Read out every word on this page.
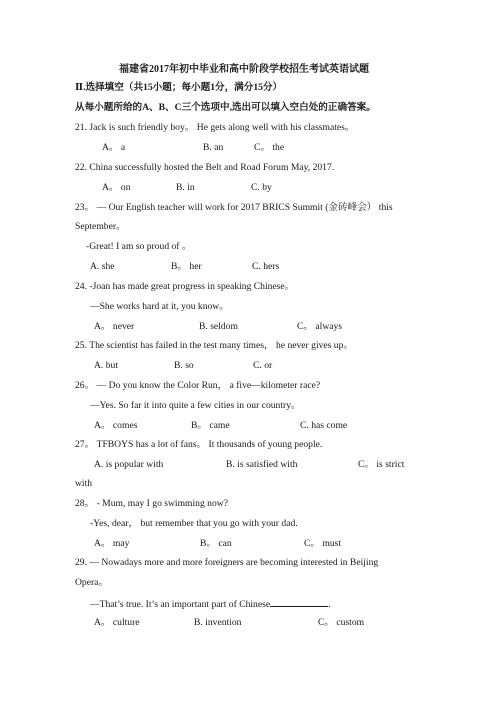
福建省2017年初中毕业和高中阶段学校招生考试英语试题
Ⅱ.选择填空（共15小题；每小题1分，满分15分）
从每小题所给的A、B、C三个选项中,选出可以填入空白处的正确答案。
21. Jack is such friendly boy。 He gets along well with his classmates。
A。 a	B. an	C。 the
22. China successfully hosted the Belt and Road Forum May, 2017.
A。 on	B. in	C. by
23。 — Our English teacher will work for 2017 BRICS Summit (金砖峰会） this
September。
-Great! I am so proud of 。
A. she	B。 her	C. hers
24. -Joan has made great progress in speaking Chinese。
—She works hard at it, you know。
A。 never	B. seldom	C。 always
25. The scientist has failed in the test many times， he never gives up。
A. but	B. so	C. or
26。 — Do you know the Color Run， a five—kilometer race?
—Yes. So far it into quite a few cities in our country。
A。 comes	B。 came	C. has come
27。 TFBOYS has a lot of fans。 It thousands of young people.
A. is popular with	B. is satisfied with	C。 is strict
with
28。 - Mum, may I go swimming now?
-Yes, dear， but remember that you go with your dad.
A。 may	B。 can	C。 must
29. — Nowadays more and more foreigners are becoming interested in Beijing
Opera。
—That’s true. It’s an important part of Chinese	.
A。 culture	B. invention	C。 custom
